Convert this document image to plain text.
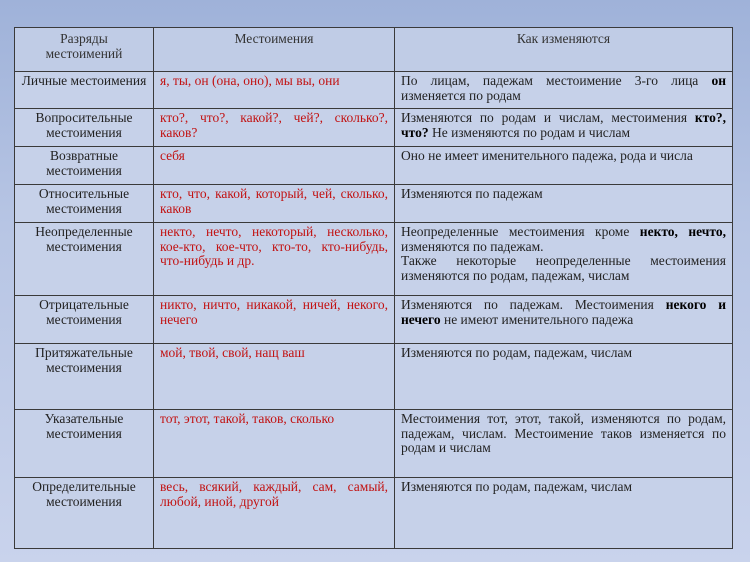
Разряды местоимений	Местоимения	Как изменяются
Личные местоимения	я, ты, он (она, оно), мы вы, они	По лицам, падежам местоимение 3-го лица он изменяется по родам
Вопросительные местоимения	кто?, что?, какой?, чей?, сколько?, каков?	Изменяются по родам и числам, местоимения кто?, что? Не изменяются по родам и числам
Возвратные местоимения	себя	Оно не имеет именительного падежа, рода и числа
Относительные местоимения	кто, что, какой, который, чей, сколько, каков	Изменяются по падежам
Неопределенные местоимения	некто, нечто, некоторый, несколько, кое-кто, кое-что, кто-то, кто-нибудь, что-нибудь и др.	Неопределенные местоимения кроме некто, нечто, изменяются по падежам.
Также некоторые неопределенные местоимения изменяются по родам, падежам, числам
Отрицательные местоимения	никто, ничто, никакой, ничей, некого, нечего	Изменяются по падежам. Местоимения некого и нечего не имеют именительного падежа
Притяжательные местоимения	мой, твой, свой, нащ ваш	Изменяются по родам, падежам, числам
Указательные местоимения	тот, этот, такой, таков, сколько	Местоимения тот, этот, такой, изменяются по родам, падежам, числам. Местоимение таков изменяется по родам и числам
Определительные местоимения	весь, всякий, каждый, сам, самый, любой, иной, другой	Изменяются по родам, падежам, числам
